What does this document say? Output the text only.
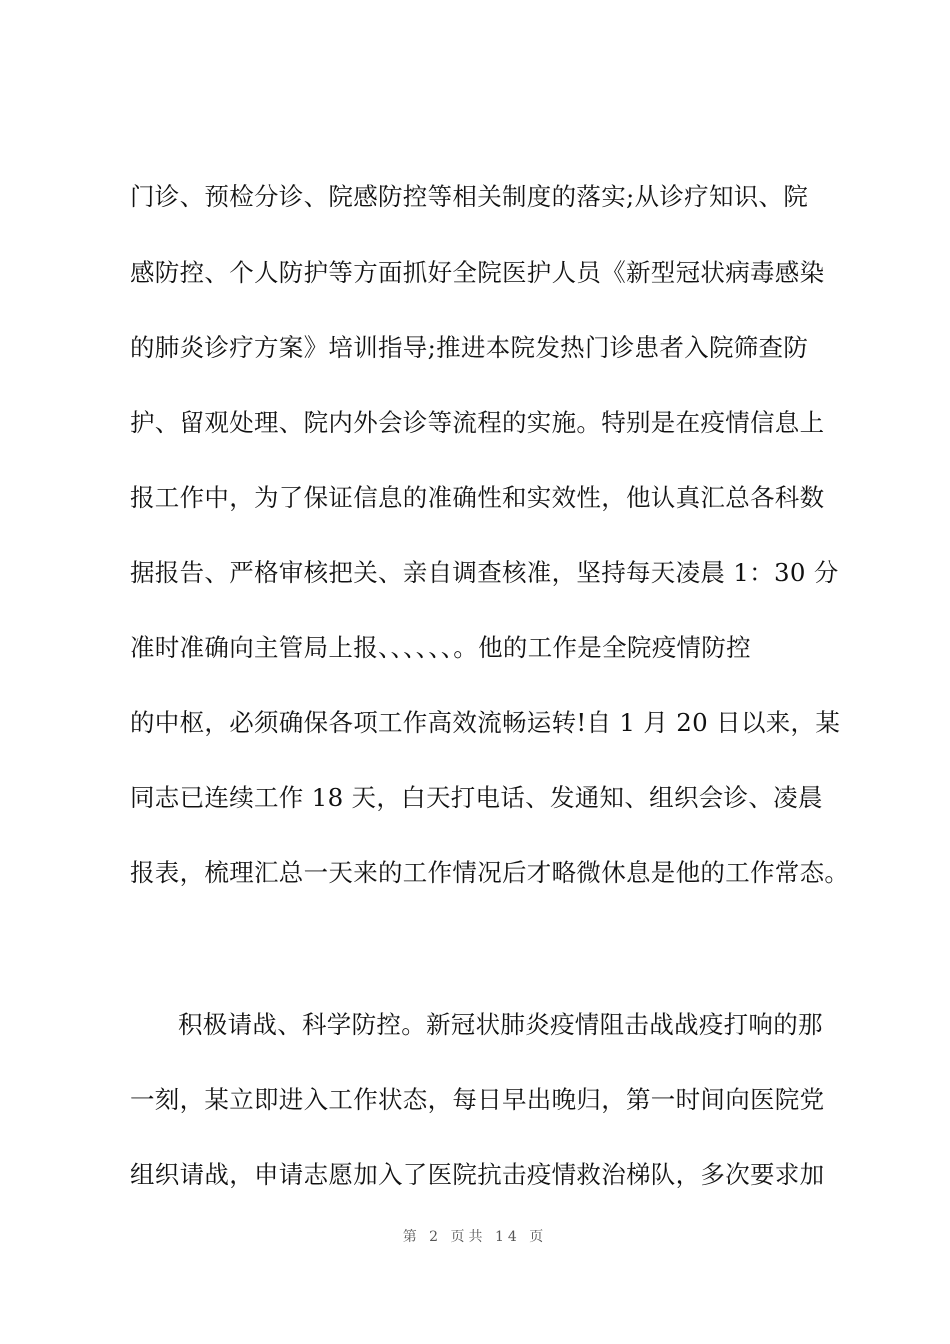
门诊、预检分诊、院感防控等相关制度的落实;从诊疗知识、院
感防控、个人防护等方面抓好全院医护人员《新型冠状病毒感染
的肺炎诊疗方案》培训指导;推进本院发热门诊患者入院筛查防
护、留观处理、院内外会诊等流程的实施。特别是在疫情信息上
报工作中，为了保证信息的准确性和实效性，他认真汇总各科数
据报告、严格审核把关、亲自调查核准，坚持每天凌晨 1：30 分
准时准确向主管局上报、、、、、、。他的工作是全院疫情防控
的中枢，必须确保各项工作高效流畅运转!自 1 月 20 日以来，某
同志已连续工作 18 天，白天打电话、发通知、组织会诊、凌晨
报表，梳理汇总一天来的工作情况后才略微休息是他的工作常态。
积极请战、科学防控。新冠状肺炎疫情阻击战战疫打响的那
一刻，某立即进入工作状态，每日早出晚归，第一时间向医院党
组织请战，申请志愿加入了医院抗击疫情救治梯队，多次要求加
第 2 页共 14 页
